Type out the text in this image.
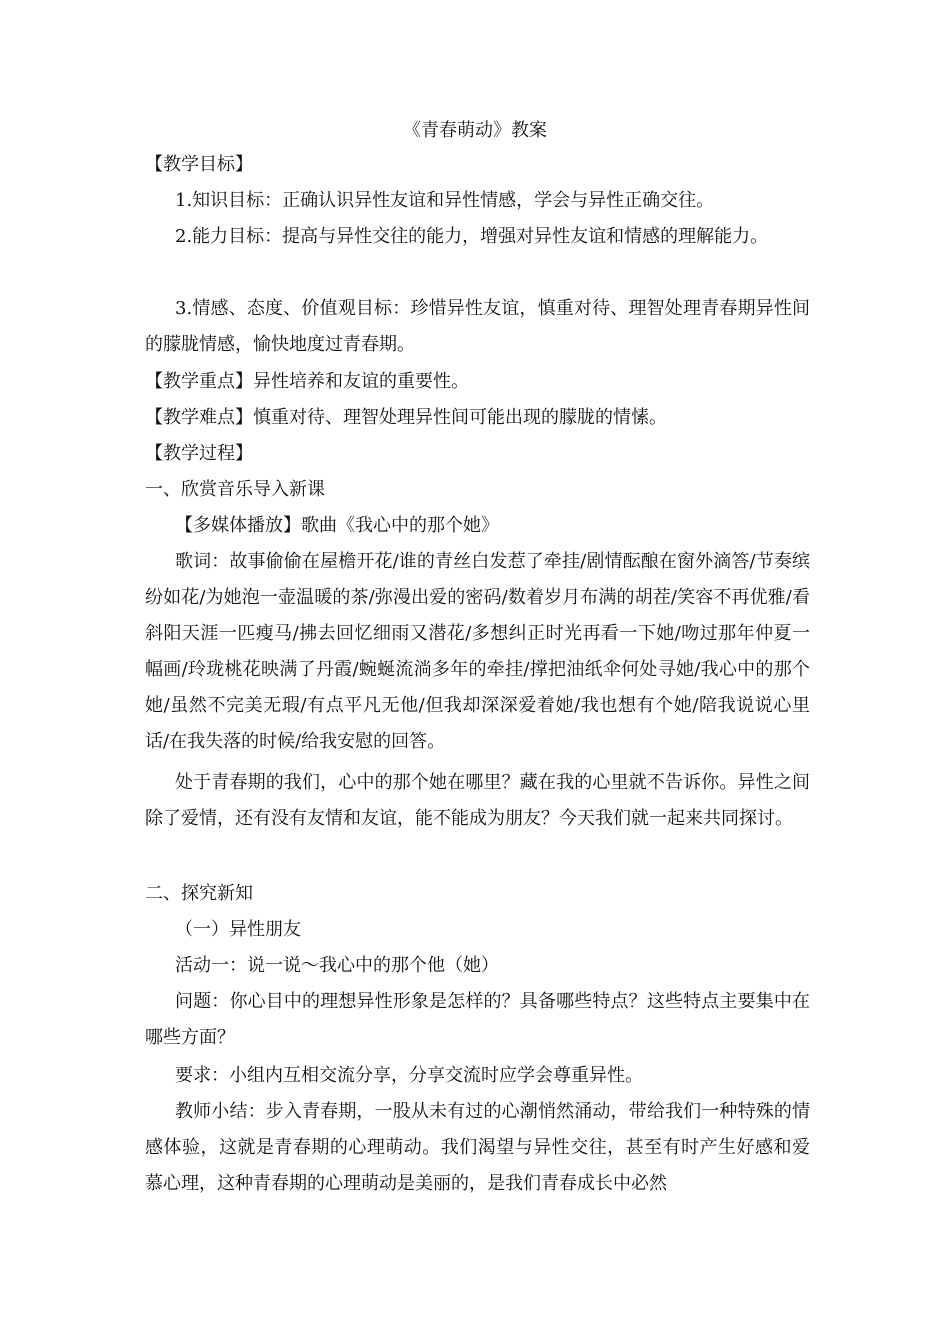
《青春萌动》教案
【教学目标】
1.知识目标：正确认识异性友谊和异性情感，学会与异性正确交往。
2.能力目标：提高与异性交往的能力，增强对异性友谊和情感的理解能力。
3.情感、态度、价值观目标：珍惜异性友谊，慎重对待、理智处理青春期异性间的朦胧情感，愉快地度过青春期。
【教学重点】异性培养和友谊的重要性。
【教学难点】慎重对待、理智处理异性间可能出现的朦胧的情愫。
【教学过程】
一、欣赏音乐导入新课
【多媒体播放】歌曲《我心中的那个她》
歌词：故事偷偷在屋檐开花/谁的青丝白发惹了牵挂/剧情酝酿在窗外滴答/节奏缤纷如花/为她泡一壶温暖的茶/弥漫出爱的密码/数着岁月布满的胡茬/笑容不再优雅/看斜阳天涯一匹瘦马/拂去回忆细雨又潜花/多想纠正时光再看一下她/吻过那年仲夏一幅画/玲珑桃花映满了丹霞/蜿蜒流淌多年的牵挂/撑把油纸伞何处寻她/我心中的那个她/虽然不完美无瑕/有点平凡无他/但我却深深爱着她/我也想有个她/陪我说说心里话/在我失落的时候/给我安慰的回答。
处于青春期的我们，心中的那个她在哪里？藏在我的心里就不告诉你。异性之间除了爱情，还有没有友情和友谊，能不能成为朋友？今天我们就一起来共同探讨。
二、探究新知
（一）异性朋友
活动一：说一说～我心中的那个他（她）
问题：你心目中的理想异性形象是怎样的？具备哪些特点？这些特点主要集中在哪些方面？
要求：小组内互相交流分享，分享交流时应学会尊重异性。
教师小结：步入青春期，一股从未有过的心潮悄然涌动，带给我们一种特殊的情感体验，这就是青春期的心理萌动。我们渴望与异性交往，甚至有时产生好感和爱慕心理，这种青春期的心理萌动是美丽的，是我们青春成长中必然
